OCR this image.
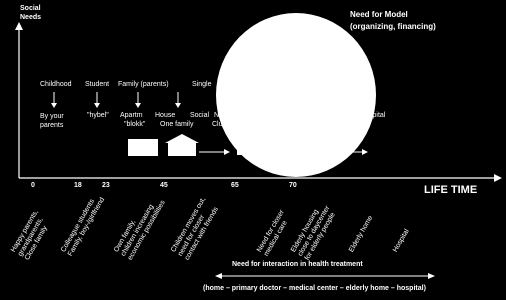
Social
Needs
LIFE TIME
Need for Model
(organizing, financing)
Childhood Student Family (parents)	Single
By your
parents
"hybel" Apartm
"blokk"
House
One family
Social Ne
Clus
spital
0	18	23	45	65	70
Happy parents,
grandparents,
Close family	Colleague students
Family, boy-/girlfriend Own family,
children increasing
economic possibilities Children moves out,
need for closer
contact with friends	Need for closer
medical care Elderly housing
close to daycenter
for elderly people	Elderly home	Hospital
Need for interaction in health treatment
(home – primary doctor – medical center – elderly home – hospital)
